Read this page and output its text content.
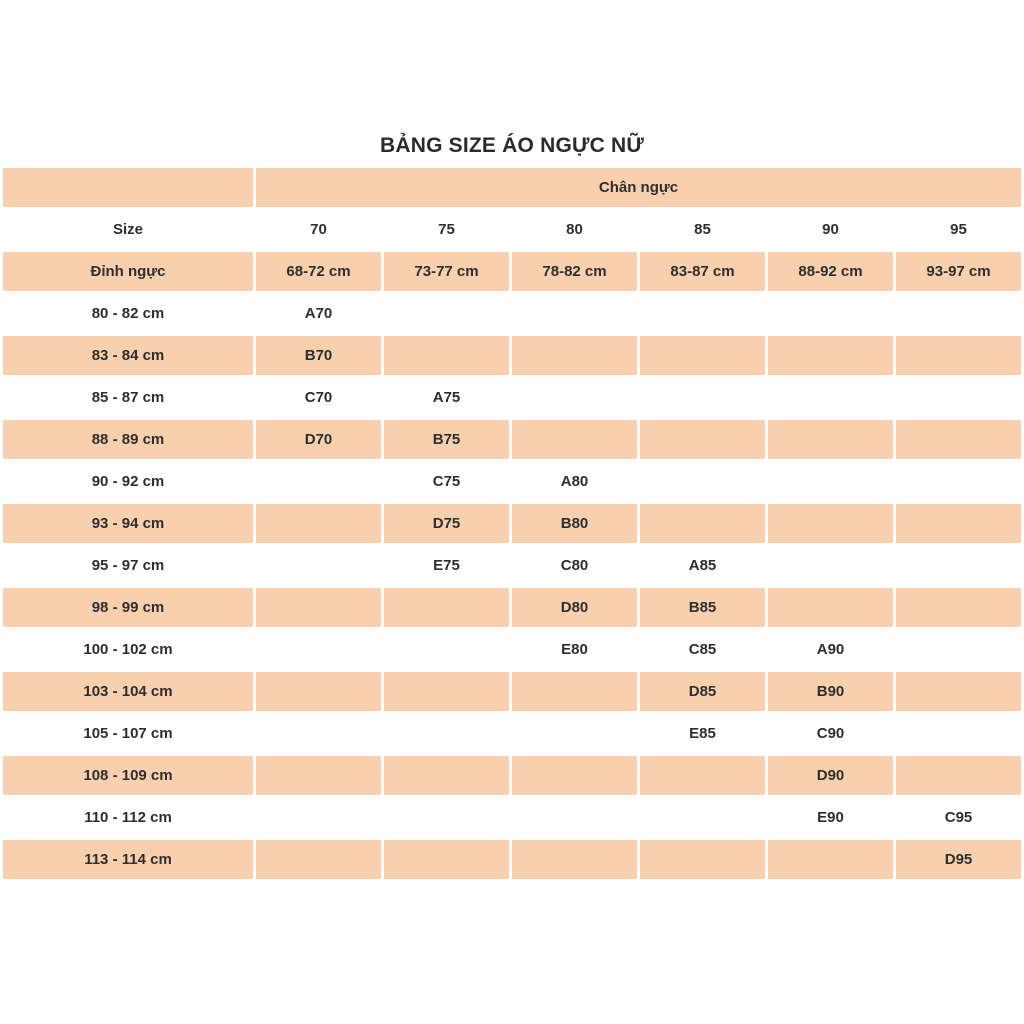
BẢNG SIZE ÁO NGỰC NỮ
	Chân ngực					
Size	70	75	80	85	90	95
Đỉnh ngực	68-72 cm	73-77 cm	78-82 cm	83-87 cm	88-92 cm	93-97 cm
80 - 82 cm	A70					
83 - 84 cm	B70					
85 - 87 cm	C70	A75				
88 - 89 cm	D70	B75				
90 - 92 cm		C75	A80			
93 - 94 cm		D75	B80			
95 - 97 cm		E75	C80	A85		
98 - 99 cm			D80	B85		
100 - 102 cm			E80	C85	A90	
103 - 104 cm				D85	B90	
105 - 107 cm				E85	C90	
108 - 109 cm					D90	
110 - 112 cm					E90	C95
113 - 114 cm						D95
